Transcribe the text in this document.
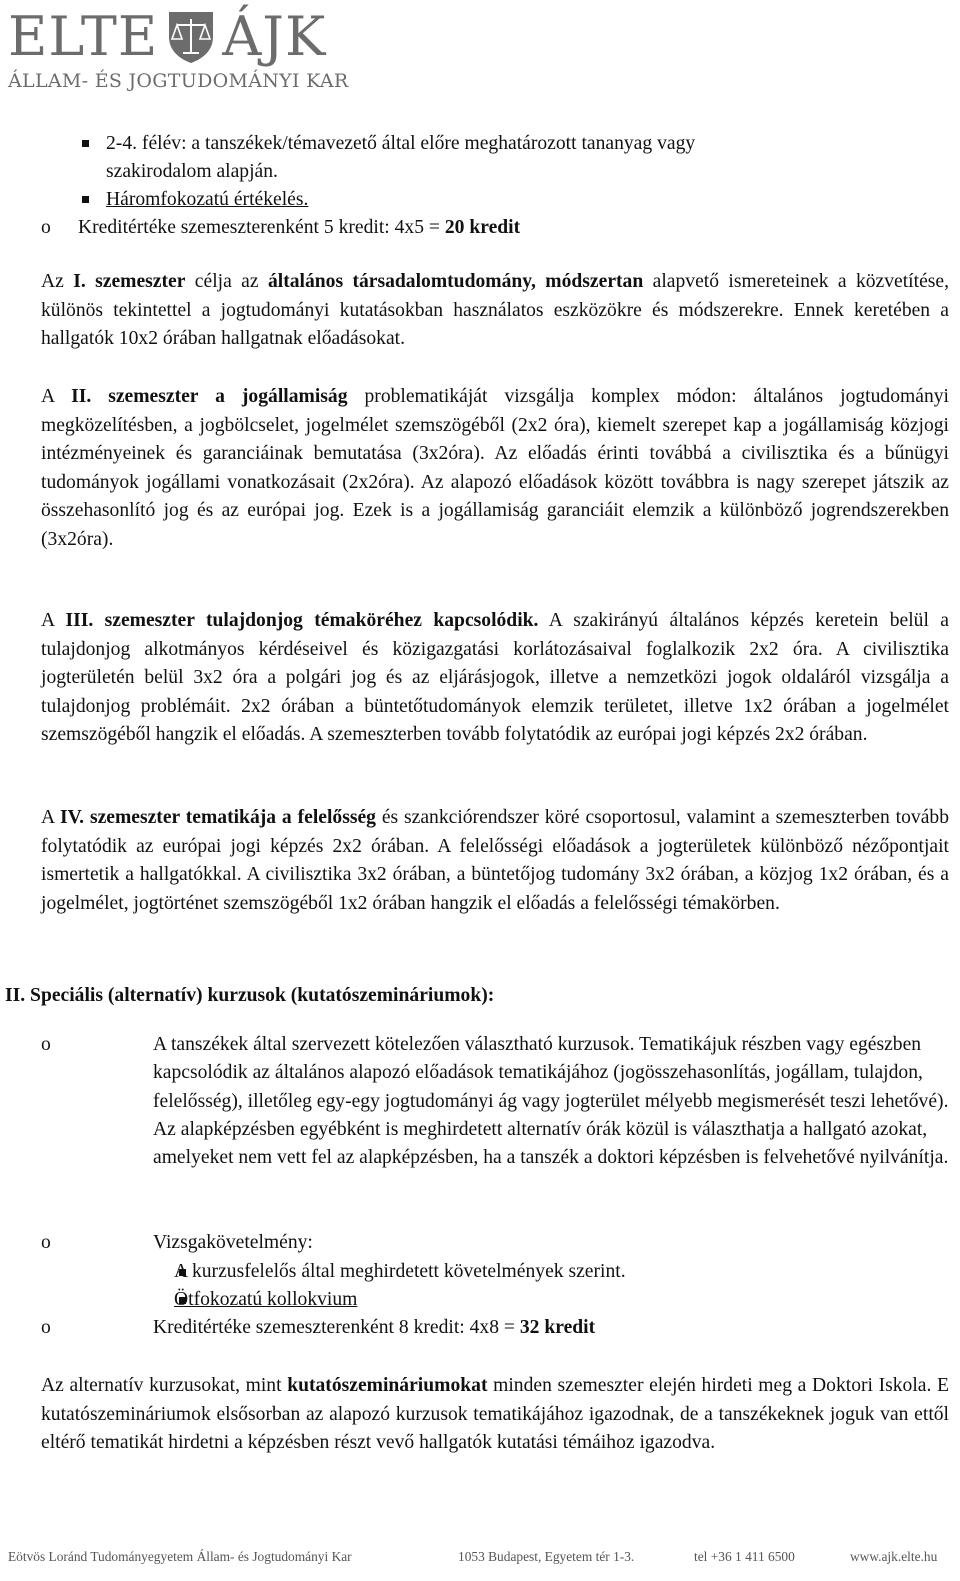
ELTE ÁJK
ÁLLAM- ÉS JOGTUDOMÁNYI KAR
2-4. félév: a tanszékek/témavezető által előre meghatározott tananyag vagy
szakirodalom alapján.
Háromfokozatú értékelés.
o Kreditértéke szemeszterenként 5 kredit: 4x5 = 20 kredit

Az I. szemeszter célja az általános társadalomtudomány, módszertan alapvető ismereteinek a közvetítése, különös tekintettel a jogtudományi kutatásokban használatos eszközökre és módszerekre. Ennek keretében a hallgatók 10x2 órában hallgatnak előadásokat.

A II. szemeszter a jogállamiság problematikáját vizsgálja komplex módon: általános jogtudományi megközelítésben, a jogbölcselet, jogelmélet szemszögéből (2x2 óra), kiemelt szerepet kap a jogállamiság közjogi intézményeinek és garanciáinak bemutatása (3x2óra). Az előadás érinti továbbá a civilisztika és a bűnügyi tudományok jogállami vonatkozásait (2x2óra). Az alapozó előadások között továbbra is nagy szerepet játszik az összehasonlító jog és az európai jog. Ezek is a jogállamiság garanciáit elemzik a különböző jogrendszerekben (3x2óra).

A III. szemeszter tulajdonjog témaköréhez kapcsolódik. A szakirányú általános képzés keretein belül a tulajdonjog alkotmányos kérdéseivel és közigazgatási korlátozásaival foglalkozik 2x2 óra. A civilisztika jogterületén belül 3x2 óra a polgári jog és az eljárásjogok, illetve a nemzetközi jogok oldaláról vizsgálja a tulajdonjog problémáit. 2x2 órában a büntetőtudományok elemzik területet, illetve 1x2 órában a jogelmélet szemszögéből hangzik el előadás. A szemeszterben tovább folytatódik az európai jogi képzés 2x2 órában.

A IV. szemeszter tematikája a felelősség és szankciórendszer köré csoportosul, valamint a szemeszterben tovább folytatódik az európai jogi képzés 2x2 órában. A felelősségi előadások a jogterületek különböző nézőpontjait ismertetik a hallgatókkal. A civilisztika 3x2 órában, a büntetőjog tudomány 3x2 órában, a közjog 1x2 órában, és a jogelmélet, jogtörténet szemszögéből 1x2 órában hangzik el előadás a felelősségi témakörben.

II. Speciális (alternatív) kurzusok (kutatószemináriumok):
o	A tanszékek által szervezett kötelezően választható kurzusok. Tematikájuk részben vagy egészben kapcsolódik az általános alapozó előadások tematikájához (jogösszehasonlítás, jogállam, tulajdon, felelősség), illetőleg egy-egy jogtudományi ág vagy jogterület mélyebb megismerését teszi lehetővé). Az alapképzésben egyébként is meghirdetett alternatív órák közül is választhatja a hallgató azokat, amelyeket nem vett fel az alapképzésben, ha a tanszék a doktori képzésben is felvehetővé nyilvánítja.
o	Vizsgakövetelmény:
A kurzusfelelős által meghirdetett követelmények szerint.
Ötfokozatú kollokvium
o	Kreditértéke szemeszterenként 8 kredit: 4x8 = 32 kredit

Az alternatív kurzusokat, mint kutatószemináriumokat minden szemeszter elején hirdeti meg a Doktori Iskola. E kutatószemináriumok elsősorban az alapozó kurzusok tematikájához igazodnak, de a tanszékeknek joguk van ettől eltérő tematikát hirdetni a képzésben részt vevő hallgatók kutatási témáihoz igazodva.

Eötvös Loránd Tudományegyetem Állam- és Jogtudományi Kar	1053 Budapest, Egyetem tér 1-3.	tel +36 1 411 6500	www.ajk.elte.hu
